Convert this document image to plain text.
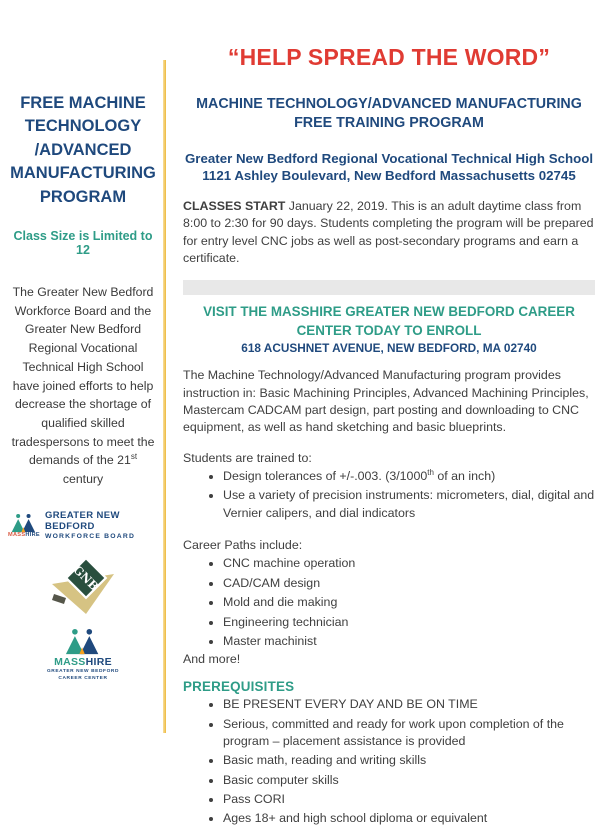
FREE MACHINE TECHNOLOGY /ADVANCED MANUFACTURING PROGRAM
Class Size is Limited to 12
The Greater New Bedford Workforce Board and the Greater New Bedford Regional Vocational Technical High School have joined efforts to help decrease the shortage of qualified skilled tradespersons to meet the demands of the 21st century
MASSHIRE
GREATER NEW BEDFORD
WORKFORCE BOARD
GNB
MASSHIRE
GREATER NEW BEDFORD
CAREER CENTER
“HELP SPREAD THE WORD”
MACHINE TECHNOLOGY/ADVANCED MANUFACTURING
FREE TRAINING PROGRAM
Greater New Bedford Regional Vocational Technical High School
1121 Ashley Boulevard, New Bedford Massachusetts 02745
CLASSES START January 22, 2019. This is an adult daytime class from 8:00 to 2:30 for 90 days. Students completing the program will be prepared for entry level CNC jobs as well as post-secondary programs and earn a certificate.
VISIT THE MASSHIRE GREATER NEW BEDFORD CAREER CENTER TODAY TO ENROLL
618 ACUSHNET AVENUE, NEW BEDFORD, MA 02740
The Machine Technology/Advanced Manufacturing program provides instruction in: Basic Machining Principles, Advanced Machining Principles, Mastercam CADCAM part design, part posting and downloading to CNC equipment, as well as hand sketching and basic blueprints.
Students are trained to:
• Design tolerances of +/-.003. (3/1000th of an inch)
• Use a variety of precision instruments: micrometers, dial, digital and Vernier calipers, and dial indicators
Career Paths include:
• CNC machine operation
• CAD/CAM design
• Mold and die making
• Engineering technician
• Master machinist
And more!
PREREQUISITES
• BE PRESENT EVERY DAY AND BE ON TIME
• Serious, committed and ready for work upon completion of the program – placement assistance is provided
• Basic math, reading and writing skills
• Basic computer skills
• Pass CORI
• Ages 18+ and high school diploma or equivalent
